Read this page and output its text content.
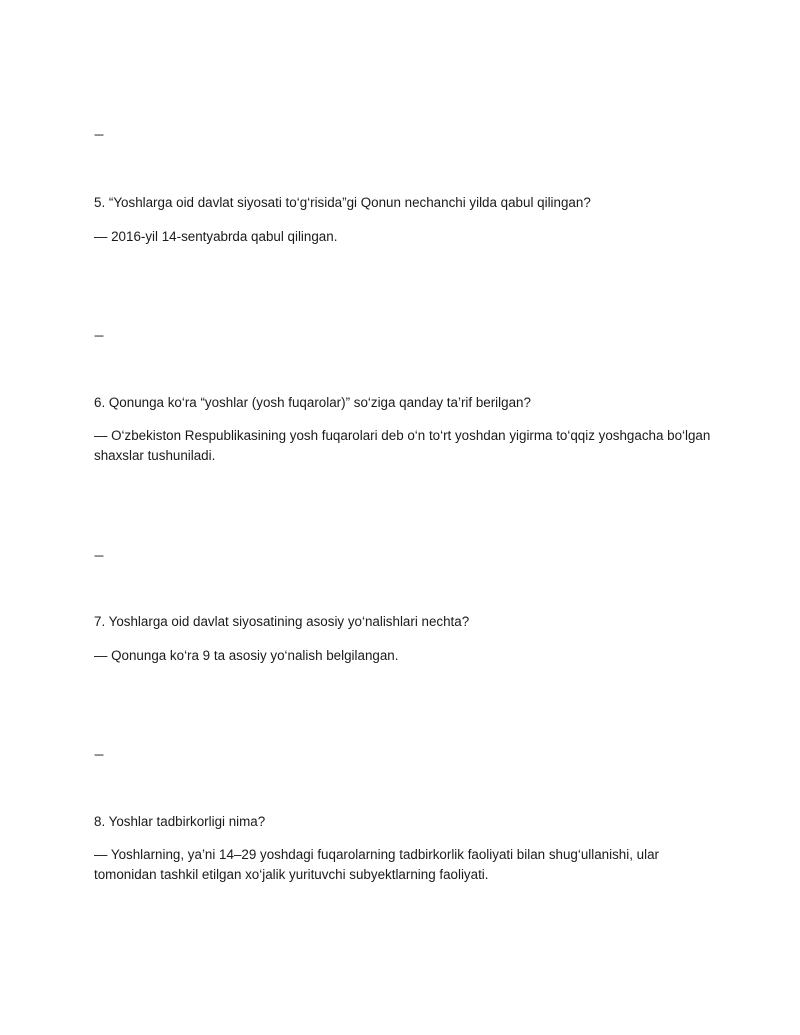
---

5. “Yoshlarga oid davlat siyosati to‘g‘risida”gi Qonun nechanchi yilda qabul qilingan?

— 2016-yil 14-sentyabrda qabul qilingan.

---

6. Qonunga ko‘ra “yoshlar (yosh fuqarolar)” so‘ziga qanday ta’rif berilgan?

— O‘zbekiston Respublikasining yosh fuqarolari deb o‘n to‘rt yoshdan yigirma to‘qqiz yoshgacha bo‘lgan shaxslar tushuniladi.

---

7. Yoshlarga oid davlat siyosatining asosiy yo‘nalishlari nechta?

— Qonunga ko‘ra 9 ta asosiy yo‘nalish belgilangan.

---

8. Yoshlar tadbirkorligi nima?

— Yoshlarning, ya’ni 14–29 yoshdagi fuqarolarning tadbirkorlik faoliyati bilan shug‘ullanishi, ular tomonidan tashkil etilgan xo‘jalik yurituvchi subyektlarning faoliyati.
